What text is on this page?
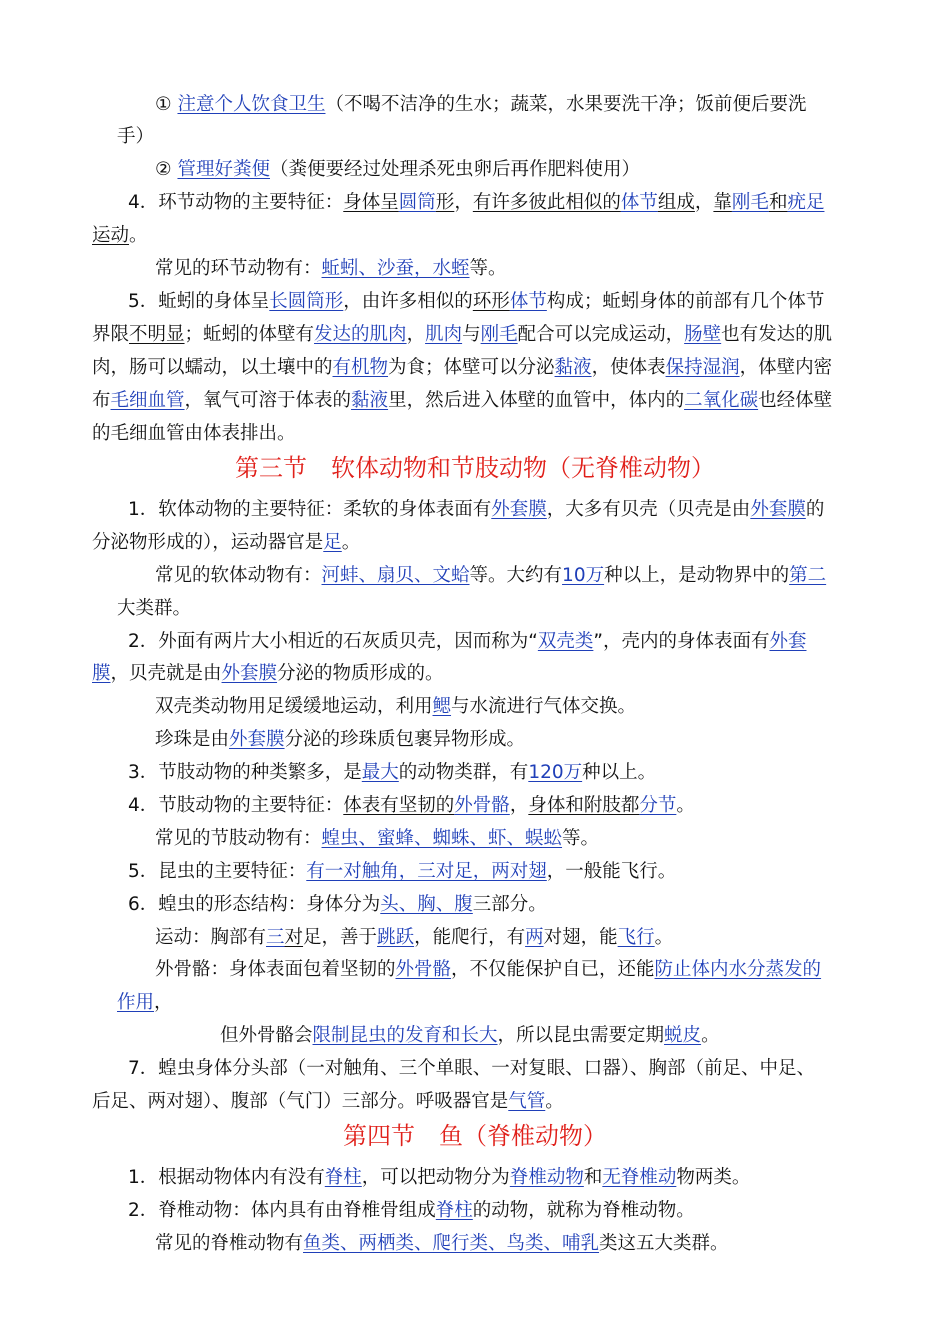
第三节　软体动物和节肢动物（无脊椎动物）
第四节　鱼（脊椎动物）
① 注意个人饮食卫生（不喝不洁净的生水；蔬菜，水果要洗干净；饭前便后要洗
手）
② 管理好粪便（粪便要经过处理杀死虫卵后再作肥料使用）
4．环节动物的主要特征：身体呈圆筒形，有许多彼此相似的体节组成，靠刚毛和疣足
运动。
常见的环节动物有：蚯蚓、沙蚕，水蛭等。
5．蚯蚓的身体呈长圆筒形，由许多相似的环形体节构成；蚯蚓身体的前部有几个体节
界限不明显；蚯蚓的体壁有发达的肌肉，肌肉与刚毛配合可以完成运动，肠壁也有发达的肌
肉，肠可以蠕动，以土壤中的有机物为食；体壁可以分泌黏液，使体表保持湿润，体壁内密
布毛细血管，氧气可溶于体表的黏液里，然后进入体壁的血管中，体内的二氧化碳也经体壁
的毛细血管由体表排出。
1．软体动物的主要特征：柔软的身体表面有外套膜，大多有贝壳（贝壳是由外套膜的
分泌物形成的），运动器官是足。
常见的软体动物有：河蚌、扇贝、文蛤等。大约有10万种以上，是动物界中的第二
大类群。
2．外面有两片大小相近的石灰质贝壳，因而称为“双壳类”，壳内的身体表面有外套
膜，贝壳就是由外套膜分泌的物质形成的。
双壳类动物用足缓缓地运动，利用鳃与水流进行气体交换。
珍珠是由外套膜分泌的珍珠质包裹异物形成。
3．节肢动物的种类繁多，是最大的动物类群，有120万种以上。
4．节肢动物的主要特征：体表有坚韧的外骨骼，身体和附肢都分节。
常见的节肢动物有：蝗虫、蜜蜂、蜘蛛、虾、蜈蚣等。
5．昆虫的主要特征：有一对触角，三对足，两对翅，一般能飞行。
6．蝗虫的形态结构：身体分为头、胸、腹三部分。
运动：胸部有三对足，善于跳跃，能爬行，有两对翅，能飞行。
外骨骼：身体表面包着坚韧的外骨骼，不仅能保护自已，还能防止体内水分蒸发的
作用，
但外骨骼会限制昆虫的发育和长大，所以昆虫需要定期蜕皮。
7．蝗虫身体分头部（一对触角、三个单眼、一对复眼、口器）、胸部（前足、中足、
后足、两对翅）、腹部（气门）三部分。呼吸器官是气管。
1．根据动物体内有没有脊柱，可以把动物分为脊椎动物和无脊椎动物两类。
2．脊椎动物：体内具有由脊椎骨组成脊柱的动物，就称为脊椎动物。
常见的脊椎动物有鱼类、两栖类、爬行类、鸟类、哺乳类这五大类群。
